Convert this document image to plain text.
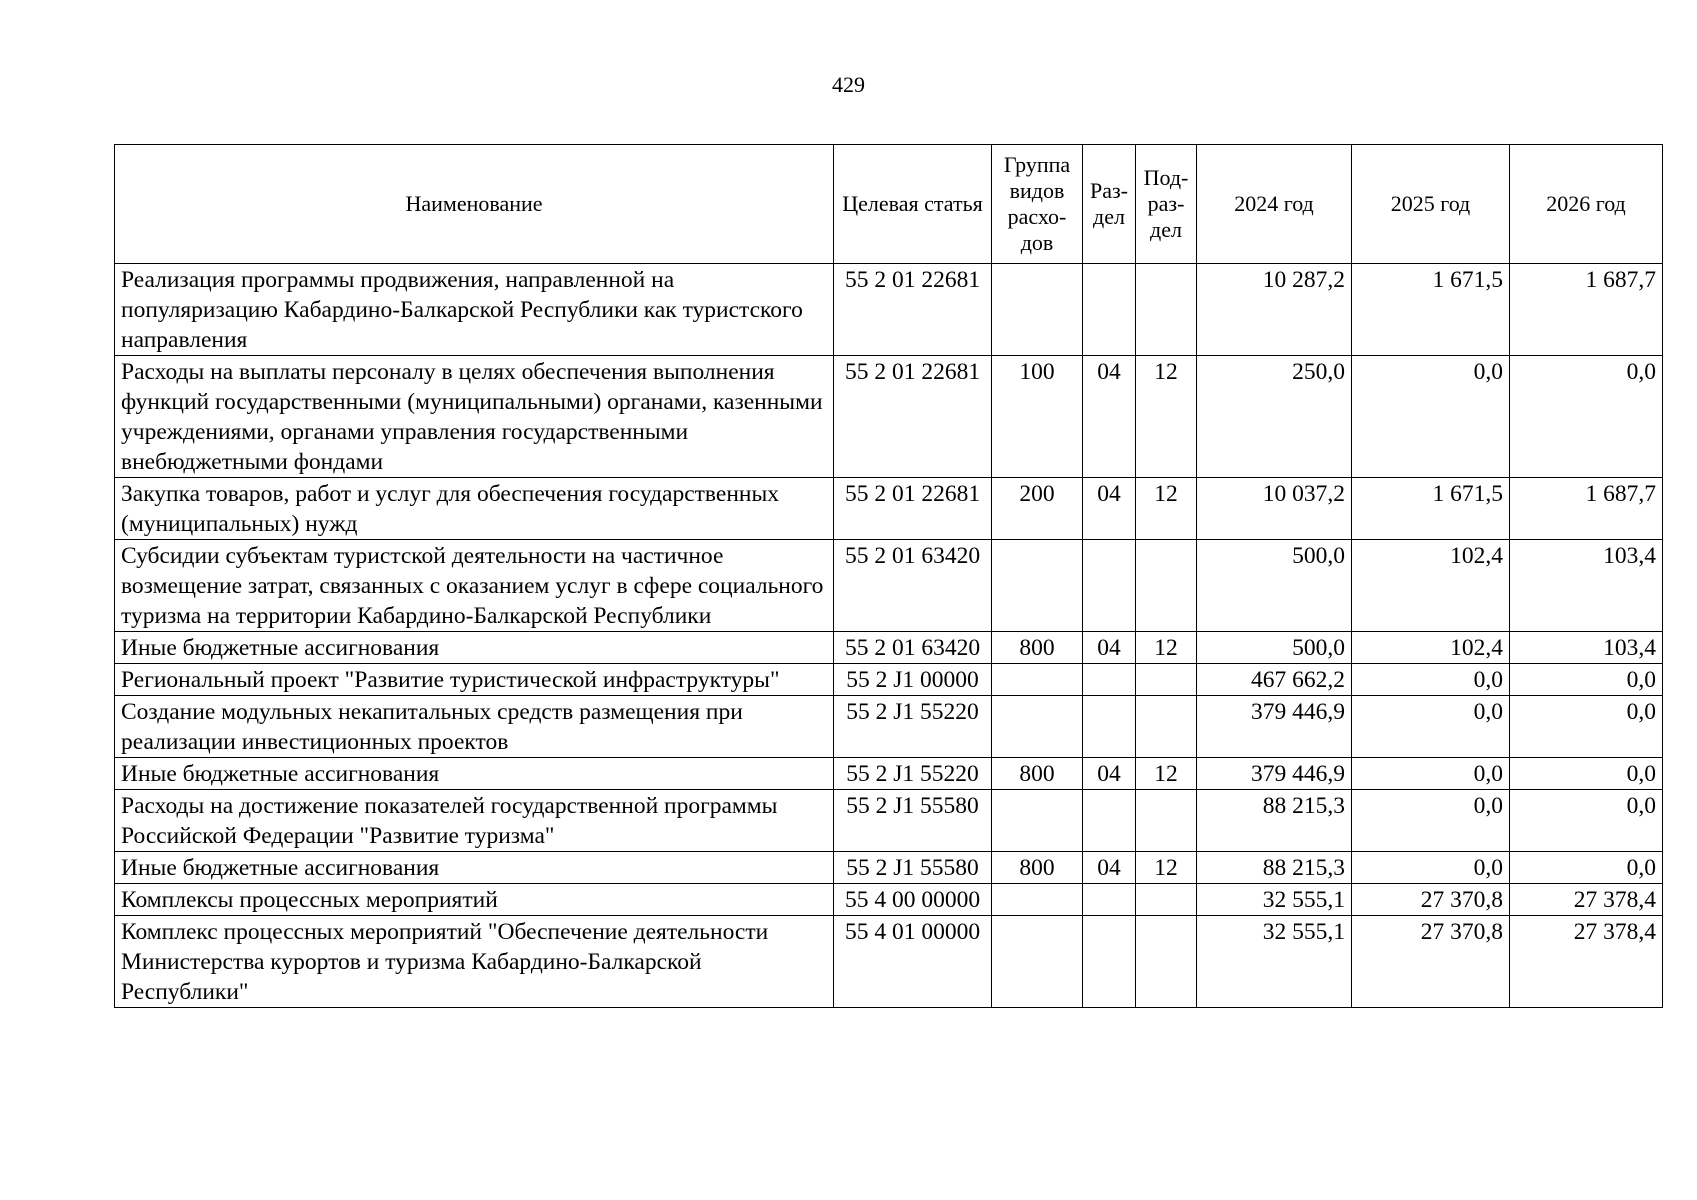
429
Наименование	Целевая статья	Группа видов расхо-дов	Раз-дел	Под-раз-дел	2024 год	2025 год	2026 год
Реализация программы продвижения, направленной на популяризацию Кабардино-Балкарской Республики как туристского направления	55 2 01 22681				10 287,2	1 671,5	1 687,7
Расходы на выплаты персоналу в целях обеспечения выполнения функций государственными (муниципальными) органами, казенными учреждениями, органами управления государственными внебюджетными фондами	55 2 01 22681	100	04	12	250,0	0,0	0,0
Закупка товаров, работ и услуг для обеспечения государственных (муниципальных) нужд	55 2 01 22681	200	04	12	10 037,2	1 671,5	1 687,7
Субсидии субъектам туристской деятельности на частичное возмещение затрат, связанных с оказанием услуг в сфере социального туризма на территории Кабардино-Балкарской Республики	55 2 01 63420				500,0	102,4	103,4
Иные бюджетные ассигнования	55 2 01 63420	800	04	12	500,0	102,4	103,4
Региональный проект "Развитие туристической инфраструктуры"	55 2 J1 00000				467 662,2	0,0	0,0
Создание модульных некапитальных средств размещения при реализации инвестиционных проектов	55 2 J1 55220				379 446,9	0,0	0,0
Иные бюджетные ассигнования	55 2 J1 55220	800	04	12	379 446,9	0,0	0,0
Расходы на достижение показателей государственной программы Российской Федерации "Развитие туризма"	55 2 J1 55580				88 215,3	0,0	0,0
Иные бюджетные ассигнования	55 2 J1 55580	800	04	12	88 215,3	0,0	0,0
Комплексы процессных мероприятий	55 4 00 00000				32 555,1	27 370,8	27 378,4
Комплекс процессных мероприятий "Обеспечение деятельности Министерства курортов и туризма Кабардино-Балкарской Республики"	55 4 01 00000				32 555,1	27 370,8	27 378,4
